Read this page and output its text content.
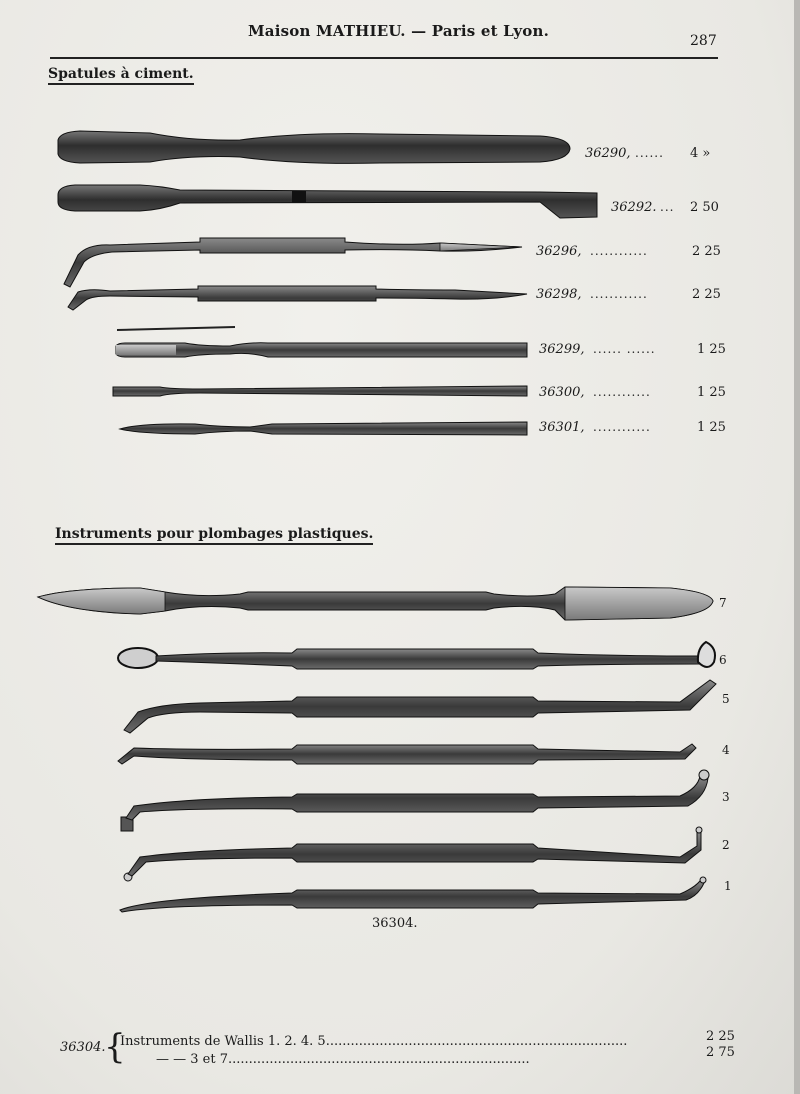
Maison MATHIEU. — Paris et Lyon.
287
Spatules à ciment.
36290, ...... 4 »
36292. ... 2 50
36296, ............	2 25
36298, ............	2 25
36299, ...... ......	1 25
36300, ............	1 25
36301, ............	1 25
Instruments pour plombages plastiques.
7
6
5
4
3
2
1
36304.
36304.
{
Instruments de Wallis 1. 2. 4. 5.........................................................................	2 25
— — 3 et 7.........................................................................	2 75
